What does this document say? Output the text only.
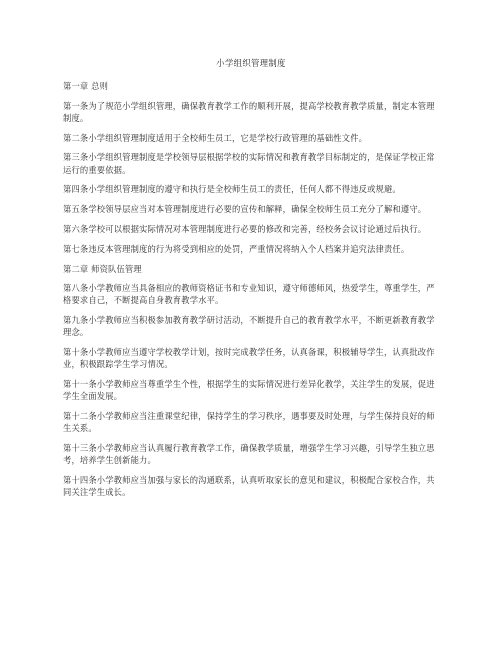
小学组织管理制度
第一章 总则
第一条为了规范小学组织管理，确保教育教学工作的顺利开展，提高学校教育教学质量，制定本管理制度。
第二条小学组织管理制度适用于全校师生员工，它是学校行政管理的基础性文件。
第三条小学组织管理制度是学校领导层根据学校的实际情况和教育教学目标制定的，是保证学校正常运行的重要依据。
第四条小学组织管理制度的遵守和执行是全校师生员工的责任，任何人都不得违反或规避。
第五条学校领导层应当对本管理制度进行必要的宣传和解释，确保全校师生员工充分了解和遵守。
第六条学校可以根据实际情况对本管理制度进行必要的修改和完善，经校务会议讨论通过后执行。
第七条违反本管理制度的行为将受到相应的处罚，严重情况将纳入个人档案并追究法律责任。
第二章 师资队伍管理
第八条小学教师应当具备相应的教师资格证书和专业知识，遵守师德师风，热爱学生，尊重学生，严格要求自己，不断提高自身教育教学水平。
第九条小学教师应当积极参加教育教学研讨活动，不断提升自己的教育教学水平，不断更新教育教学理念。
第十条小学教师应当遵守学校教学计划，按时完成教学任务，认真备课，积极辅导学生，认真批改作业，积极跟踪学生学习情况。
第十一条小学教师应当尊重学生个性，根据学生的实际情况进行差异化教学，关注学生的发展，促进学生全面发展。
第十二条小学教师应当注重课堂纪律，保持学生的学习秩序，遇事要及时处理，与学生保持良好的师生关系。
第十三条小学教师应当认真履行教育教学工作，确保教学质量，增强学生学习兴趣，引导学生独立思考，培养学生创新能力。
第十四条小学教师应当加强与家长的沟通联系，认真听取家长的意见和建议，积极配合家校合作，共同关注学生成长。
